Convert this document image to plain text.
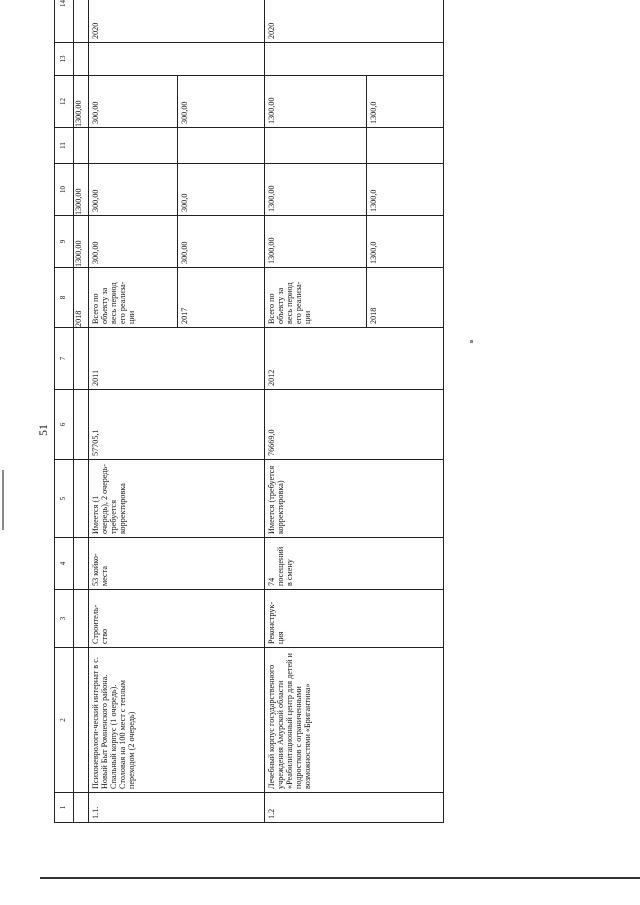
51
1	2	3	4	5	6	7	8	9	10	11	12	13	14
							2018	1300,00	1300,00		1300,00		
1.1.	Психоневрологи-ческий интернат в с. Новый Быт Ромненского района. Спальный корпус (1 очередь). Столовая на 100 мест с теплым переходом (2 очередь)	Строитель-ство	53 койко-места	Имеется (1 очередь), 2 очередь- требуется корректировка	57705,1	2011	Всего по объекту за весь период его реализа-ции	300,00	300,00		300,00		2020
							2017	300,00	300,0		300,00		
1.2	Лечебный корпус государственного учреждения Амурской области «Реабилитационный центр для детей и подростков с ограниченными возможностями «Бригантина»	Реконструк-ция	74 посещений в смену	Имеется (требуется корректировка)	76669,0	2012	Всего по объекту за весь период его реализа-ции	1300,00	1300,00		1300,00		2020
							2018	1300,0	1300,0		1300,0		
